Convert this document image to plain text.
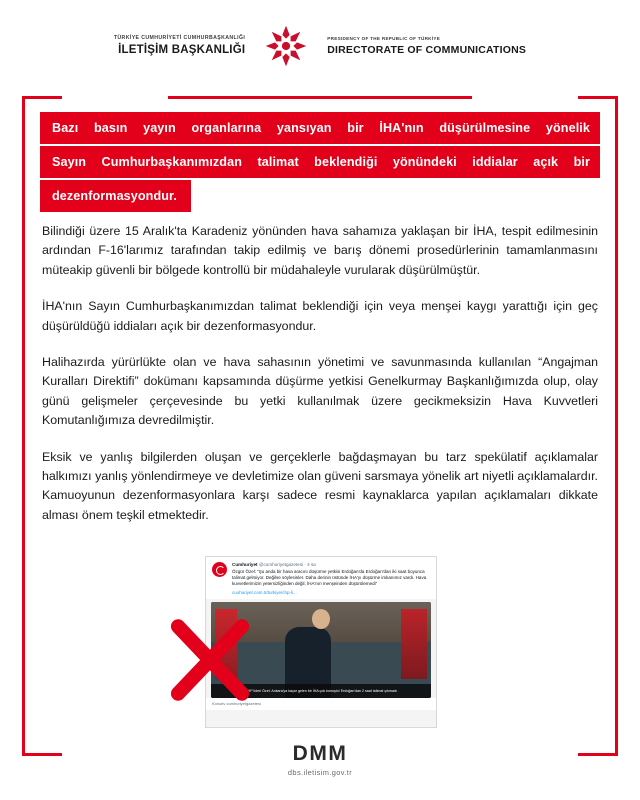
TÜRKİYE CUMHURİYETİ CUMHURBAŞKANLIĞI
İLETİŞİM BAŞKANLIĞI
PRESIDENCY OF THE REPUBLIC OF TÜRKİYE
DIRECTORATE OF COMMUNICATIONS
Bazı basın yayın organlarına yansıyan bir İHA'nın düşürülmesine yönelik
Sayın Cumhurbaşkanımızdan talimat beklendiği yönündeki iddialar açık bir
dezenformasyondur.

Bilindiği üzere 15 Aralık'ta Karadeniz yönünden hava sahamıza yaklaşan bir İHA, tespit edilmesinin ardından F-16'larımız tarafından takip edilmiş ve barış dönemi prosedürlerinin tamamlanmasını müteakip güvenli bir bölgede kontrollü bir müdahaleyle vurularak düşürülmüştür.

İHA'nın Sayın Cumhurbaşkanımızdan talimat beklendiği için veya menşei kaygı yarattığı için geç düşürüldüğü iddiaları açık bir dezenformasyondur.

Halihazırda yürürlükte olan ve hava sahasının yönetimi ve savunmasında kullanılan “Angajman Kuralları Direktifi” dokümanı kapsamında düşürme yetkisi Genelkurmay Başkanlığımızda olup, olay günü gelişmeler çerçevesinde bu yetki kullanılmak üzere gecikmeksizin Hava Kuvvetleri Komutanlığımıza devredilmiştir.

Eksik ve yanlış bilgilerden oluşan ve gerçeklerle bağdaşmayan bu tarz spekülatif açıklamalar halkımızı yanlış yönlendirmeye ve devletimize olan güveni sarsmaya yönelik art niyetli açıklamalardır. Kamuoyunun dezenformasyonlara karşı sadece resmi kaynaklarca yapılan açıklamaları dikkate alması önem teşkil etmektedir.

Cumhuriyet @cumhuriyetgazetesi · 4 sa
Özgür Özel: “Şu anda bir hava aracını düşürme yetkisi Erdoğan'da Erdoğan'dan iki saat boyunca talimat gelmiyor. Değilse söylesinler. Daha derinin üstünde İHA'yı düşürme imkanımız vardı. Hava kuvvetlerimizin yetersizliğinden değil, İHA'nın menşeinden düşürülemedi”
cuohuriyet.com.tr/turkiye/chp-li...
CHP lideri Özel: Ankara'ya kaçar gelen bir İHA çok konuştu! Erdoğan'dan 2 saat talimat çıkmadı
Konuitv cumhuriyetgazetesi
DMM
dbs.iletisim.gov.tr
